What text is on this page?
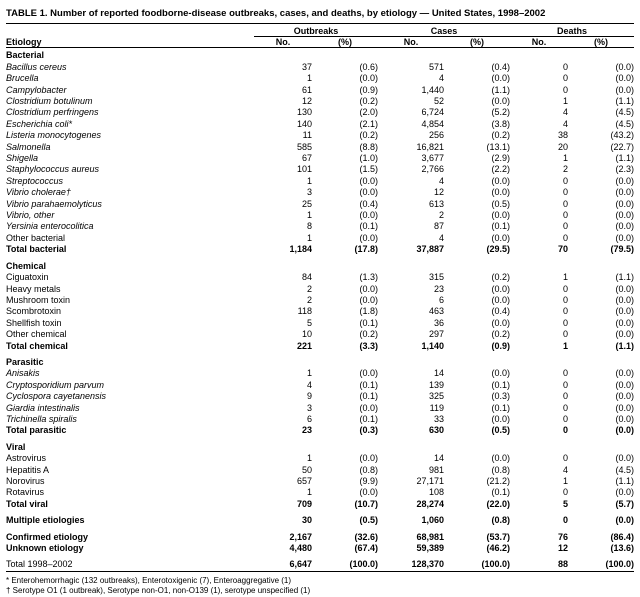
TABLE 1. Number of reported foodborne-disease outbreaks, cases, and deaths, by etiology — United States, 1998–2002

	Outbreaks		Cases		Deaths	
Etiology	No.	(%)	No.	(%)	No.	(%)

Bacterial						
Bacillus cereus	37	(0.6)	571	(0.4)	0	(0.0)
Brucella	1	(0.0)	4	(0.0)	0	(0.0)
Campylobacter	61	(0.9)	1,440	(1.1)	0	(0.0)
Clostridium botulinum	12	(0.2)	52	(0.0)	1	(1.1)
Clostridium perfringens	130	(2.0)	6,724	(5.2)	4	(4.5)
Escherichia coli*	140	(2.1)	4,854	(3.8)	4	(4.5)
Listeria monocytogenes	11	(0.2)	256	(0.2)	38	(43.2)
Salmonella	585	(8.8)	16,821	(13.1)	20	(22.7)
Shigella	67	(1.0)	3,677	(2.9)	1	(1.1)
Staphylococcus aureus	101	(1.5)	2,766	(2.2)	2	(2.3)
Streptococcus	1	(0.0)	4	(0.0)	0	(0.0)
Vibrio cholerae†	3	(0.0)	12	(0.0)	0	(0.0)
Vibrio parahaemolyticus	25	(0.4)	613	(0.5)	0	(0.0)
Vibrio, other	1	(0.0)	2	(0.0)	0	(0.0)
Yersinia enterocolitica	8	(0.1)	87	(0.1)	0	(0.0)
Other bacterial	1	(0.0)	4	(0.0)	0	(0.0)
Total bacterial	1,184	(17.8)	37,887	(29.5)	70	(79.5)

Chemical						
Ciguatoxin	84	(1.3)	315	(0.2)	1	(1.1)
Heavy metals	2	(0.0)	23	(0.0)	0	(0.0)
Mushroom toxin	2	(0.0)	6	(0.0)	0	(0.0)
Scombrotoxin	118	(1.8)	463	(0.4)	0	(0.0)
Shellfish toxin	5	(0.1)	36	(0.0)	0	(0.0)
Other chemical	10	(0.2)	297	(0.2)	0	(0.0)
Total chemical	221	(3.3)	1,140	(0.9)	1	(1.1)

Parasitic						
Anisakis	1	(0.0)	14	(0.0)	0	(0.0)
Cryptosporidium parvum	4	(0.1)	139	(0.1)	0	(0.0)
Cyclospora cayetanensis	9	(0.1)	325	(0.3)	0	(0.0)
Giardia intestinalis	3	(0.0)	119	(0.1)	0	(0.0)
Trichinella spiralis	6	(0.1)	33	(0.0)	0	(0.0)
Total parasitic	23	(0.3)	630	(0.5)	0	(0.0)

Viral						
Astrovirus	1	(0.0)	14	(0.0)	0	(0.0)
Hepatitis A	50	(0.8)	981	(0.8)	4	(4.5)
Norovirus	657	(9.9)	27,171	(21.2)	1	(1.1)
Rotavirus	1	(0.0)	108	(0.1)	0	(0.0)
Total viral	709	(10.7)	28,274	(22.0)	5	(5.7)

Multiple etiologies	30	(0.5)	1,060	(0.8)	0	(0.0)

Confirmed etiology	2,167	(32.6)	68,981	(53.7)	76	(86.4)
Unknown etiology	4,480	(67.4)	59,389	(46.2)	12	(13.6)

Total 1998–2002	6,647	(100.0)	128,370	(100.0)	88	(100.0)

* Enterohemorrhagic (132 outbreaks), Enterotoxigenic (7), Enteroaggregative (1)
† Serotype O1 (1 outbreak), Serotype non-O1, non-O139 (1), serotype unspecified (1)
